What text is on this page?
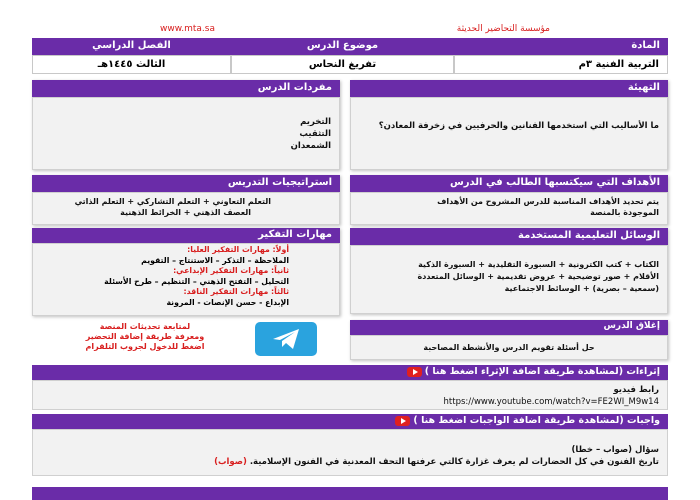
www.mta.sa	مؤسسة التحاضير الحديثة
المادة
موضوع الدرس
الفصل الدراسي
التربية الفنية ٣م
تفريغ النحاس
الثالث ١٤٤٥هـ
التهيئة
ما الأساليب التي استخدمها الفنانين والحرفيين في زخرفة المعادن؟
مفردات الدرس
التخريم
التثقيب
الشمعدان
الأهداف التي سيكتسبها الطالب في الدرس
يتم تحديد الأهداف المناسبة للدرس المشروح من الأهداف الموجودة بالمنصة
استراتيجيات التدريس
التعلم التعاوني + التعلم التشاركي + التعلم الذاتي
العصف الذهني + الخرائط الذهنية
الوسائل التعليمية المستخدمة
الكتاب + كتب الكترونية + السبورة التقليدية + السبورة الذكية الأقلام + صور توضيحية + عروض تقديمية + الوسائل المتعددة (سمعية – بصرية) + الوسائط الاجتماعية
مهارات التفكير
أولاً: مهارات التفكير العليا:
الملاحظة – التذكر – الاستنتاج – التقويم
ثانياً: مهارات التفكير الإبداعي:
التحليل – التفتح الذهني – التنظيم – طرح الأسئلة
ثالثاً: مهارات التفكير الناقد:
الإبداع - حسن الإنصات - المرونة
لمتابعة تحديثات المنصة
ومعرفة طريقة إضافة التحضير
اضغط للدخول لجروب التلقرام
إغلاق الدرس
حل أسئلة تقويم الدرس والأنشطة المصاحبة
إثراءات (لمشاهدة طريقة اضافة الإثراء اضغط هنا )
رابط فيديو
https://www.youtube.com/watch?v=FE2WI_M9w14
واجبات (لمشاهدة طريقة اضافة الواجبات اضغط هنا )
سؤال (صواب – خطا)
تاريخ الفنون في كل الحضارات لم يعرف غزارة كالتي عرفتها التحف المعدنية في الفنون الإسلامية. (صواب)
